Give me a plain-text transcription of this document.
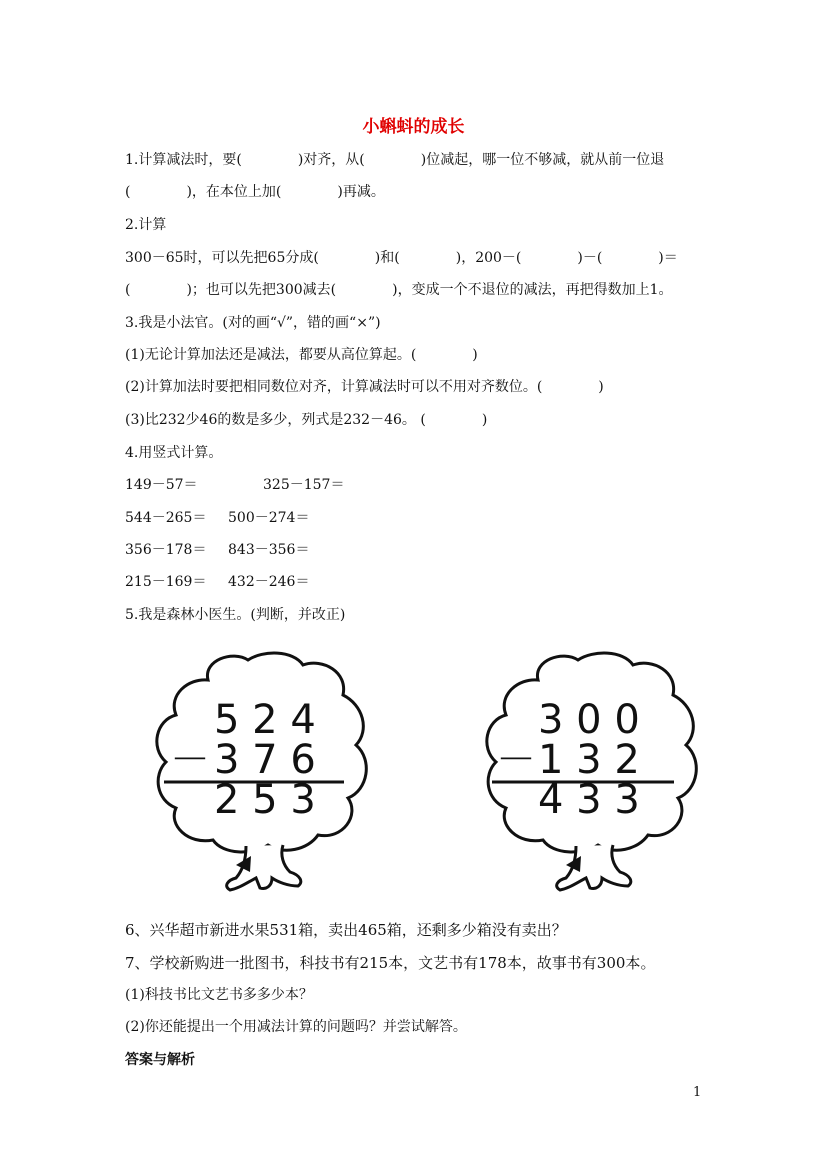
小蝌蚪的成长
1.计算减法时，要(　　　　)对齐，从(　　　　)位减起，哪一位不够减，就从前一位退
(　　　　)，在本位上加(　　　　)再减。
2.计算
300－65时，可以先把65分成(　　　　)和(　　　　)，200－(　　　　)－(　　　　)＝
(　　　　)；也可以先把300减去(　　　　)，变成一个不退位的减法，再把得数加上1。
3.我是小法官。(对的画“√”，错的画“×”)
(1)无论计算加法还是减法，都要从高位算起。(　　　　)
(2)计算加法时要把相同数位对齐，计算减法时可以不用对齐数位。(　　　　)
(3)比232少46的数是多少，列式是232－46。 (　　　　)
4.用竖式计算。
149－57＝	325－157＝
544－265＝ 500－274＝
356－178＝ 843－356＝
215－169＝ 432－246＝
5.我是森林小医生。(判断，并改正)
5 2 4
－ 3 7 6
2 5 3
3 0 0
－ 1 3 2
4 3 3
6、兴华超市新进水果531箱，卖出465箱，还剩多少箱没有卖出？
7、学校新购进一批图书，科技书有215本，文艺书有178本，故事书有300本。
(1)科技书比文艺书多多少本？
(2)你还能提出一个用减法计算的问题吗？并尝试解答。
答案与解析
1
